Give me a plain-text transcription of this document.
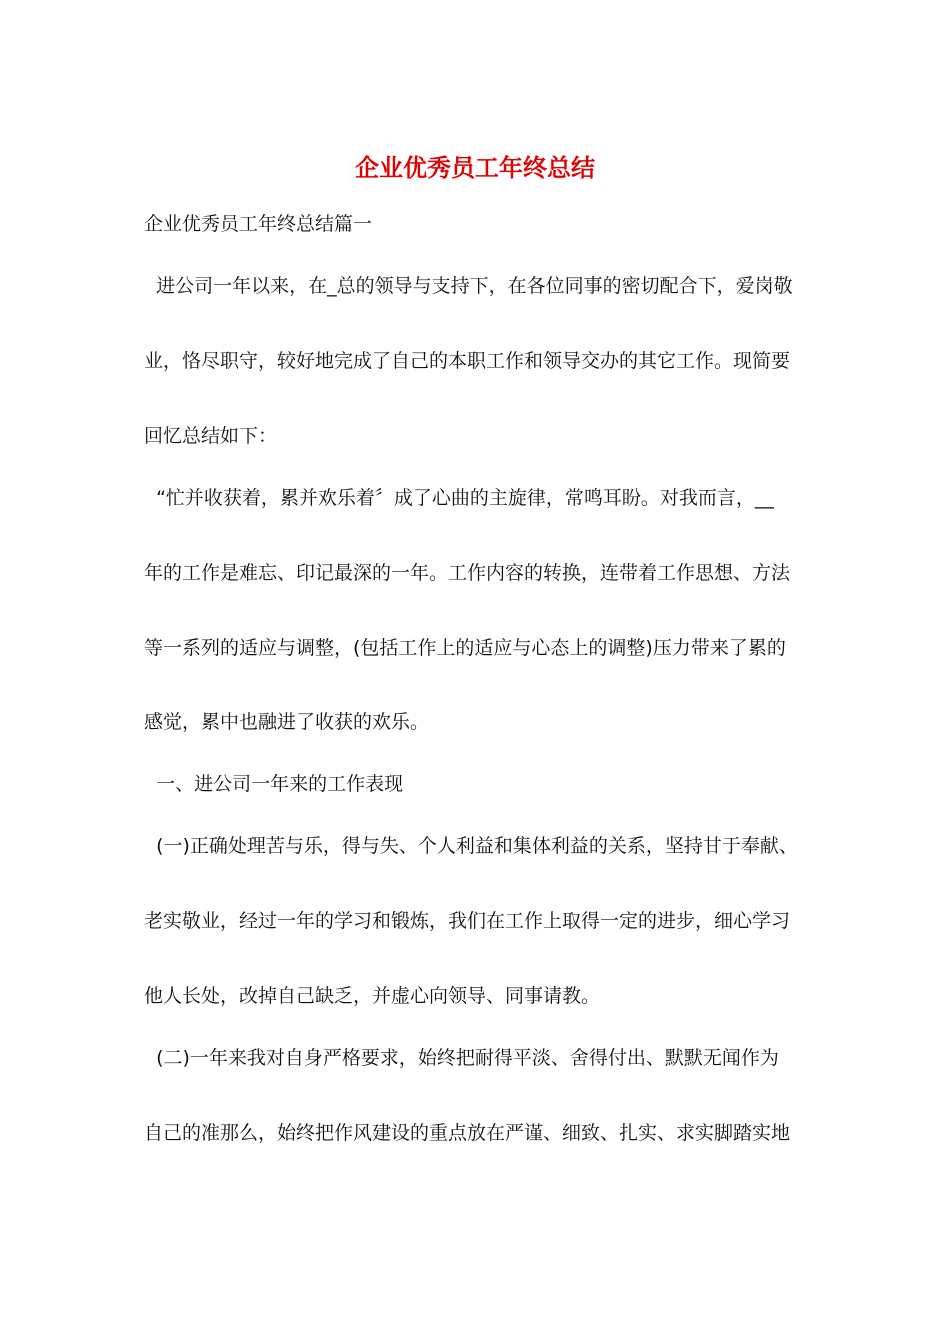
企业优秀员工年终总结

企业优秀员工年终总结篇一

进公司一年以来，在_总的领导与支持下，在各位同事的密切配合下，爱岗敬

业，恪尽职守，较好地完成了自己的本职工作和领导交办的其它工作。现简要

回忆总结如下：

“忙并收获着，累并欢乐着〞成了心曲的主旋律，常鸣耳盼。对我而言，__

年的工作是难忘、印记最深的一年。工作内容的转换，连带着工作思想、方法

等一系列的适应与调整，(包括工作上的适应与心态上的调整)压力带来了累的

感觉，累中也融进了收获的欢乐。

一、进公司一年来的工作表现

(一)正确处理苦与乐，得与失、个人利益和集体利益的关系，坚持甘于奉献、

老实敬业，经过一年的学习和锻炼，我们在工作上取得一定的进步，细心学习

他人长处，改掉自己缺乏，并虚心向领导、同事请教。

(二)一年来我对自身严格要求，始终把耐得平淡、舍得付出、默默无闻作为

自己的准那么，始终把作风建设的重点放在严谨、细致、扎实、求实脚踏实地
